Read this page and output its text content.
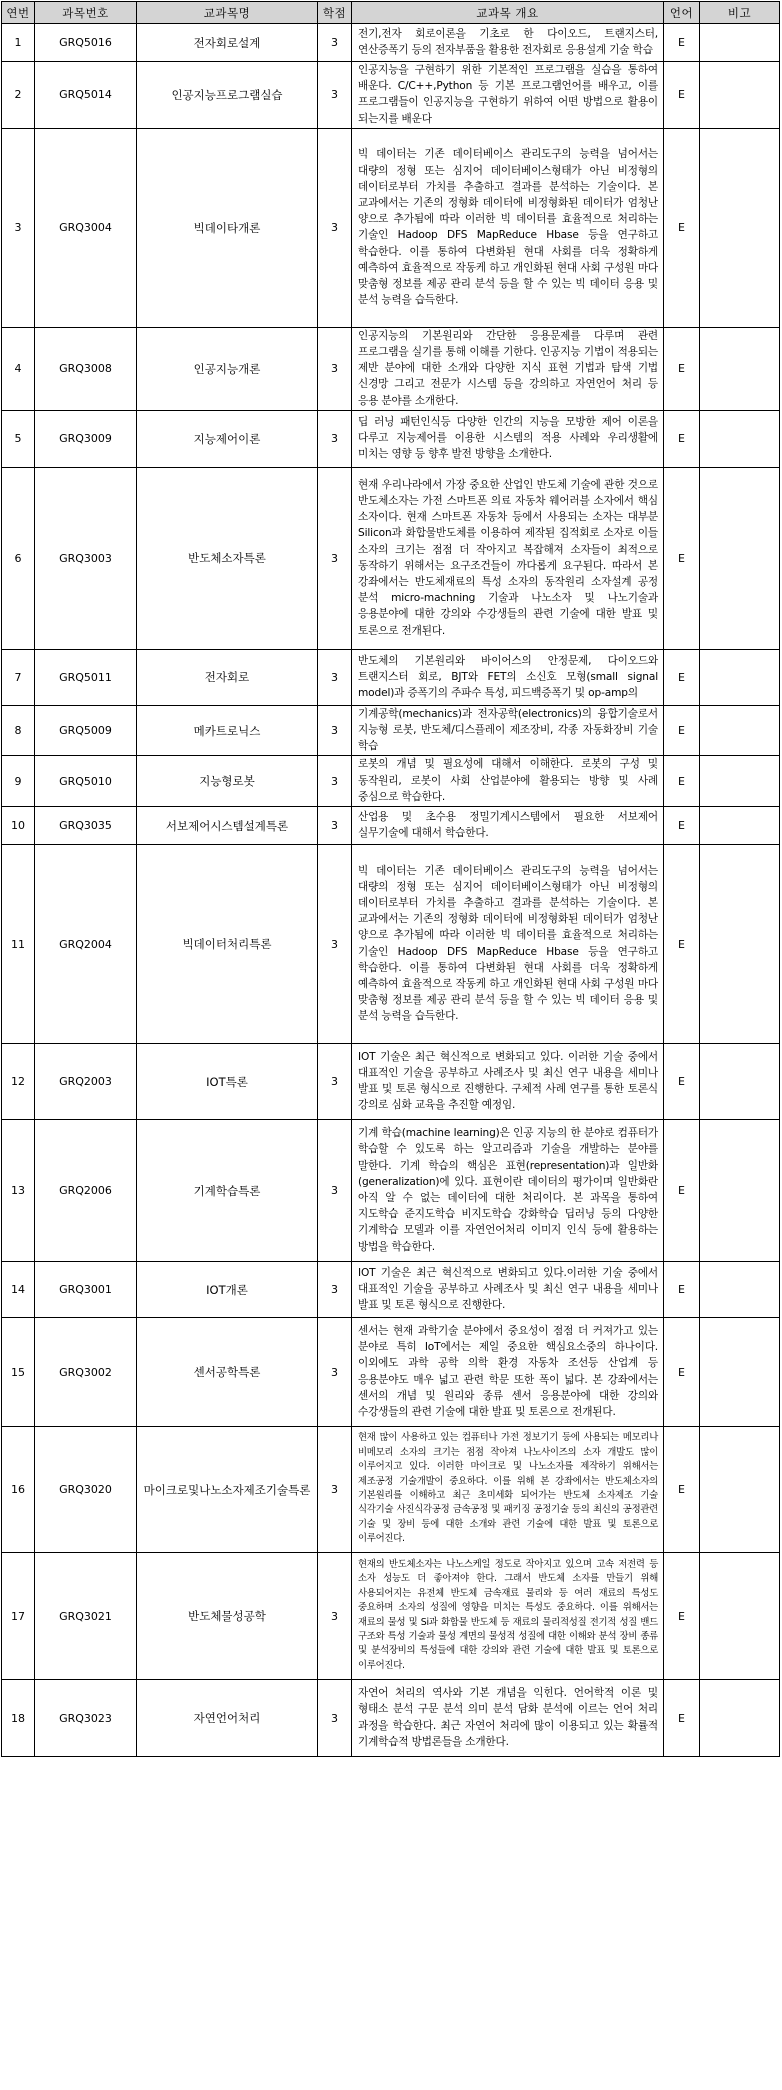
연번	과목번호	교과목명	학점	교과목 개요	언어	비고
1	GRQ5016	전자회로설계	3	전기,전자 회로이론을 기초로 한 다이오드, 트랜지스터, 연산증폭기 등의 전자부품을 활용한 전자회로 응용설계 기술 학습	E	
2	GRQ5014	인공지능프로그램실습	3	인공지능을 구현하기 위한 기본적인 프로그램을 실습을 통하여 배운다. C/C++,Python 등 기본 프로그램언어를 배우고, 이를 프로그램들이 인공지능을 구현하기 위하여 어떤 방법으로 활용이 되는지를 배운다	E	
3	GRQ3004	빅데이타개론	3	빅 데이터는 기존 데이터베이스 관리도구의 능력을 넘어서는 대량의 정형 또는 심지어 데이터베이스형태가 아닌 비정형의 데이터로부터 가치를 추출하고 결과를 분석하는 기술이다. 본 교과에서는 기존의 정형화 데이터에 비정형화된 데이터가 엄청난 양으로 추가됨에 따라 이러한 빅 데이터를 효율적으로 처리하는 기술인 Hadoop DFS MapReduce Hbase 등을 연구하고 학습한다. 이를 통하여 다변화된 현대 사회를 더욱 정확하게 예측하여 효율적으로 작동케 하고 개인화된 현대 사회 구성원 마다 맞춤형 정보를 제공 관리 분석 등을 할 수 있는 빅 데이터 응용 및 분석 능력을 습득한다.	E	
4	GRQ3008	인공지능개론	3	인공지능의 기본원리와 간단한 응용문제를 다루며 관련 프로그램을 실기를 통해 이해를 기한다. 인공지능 기법이 적용되는 제반 분야에 대한 소개와 다양한 지식 표현 기법과 탐색 기법 신경망 그리고 전문가 시스템 등을 강의하고 자연언어 처리 등 응용 분야를 소개한다.	E	
5	GRQ3009	지능제어이론	3	딥 러닝 패턴인식등 다양한 인간의 지능을 모방한 제어 이론을 다루고 지능제어를 이용한 시스템의 적용 사례와 우리생활에 미치는 영향 등 향후 발전 방향을 소개한다.	E	
6	GRQ3003	반도체소자특론	3	현재 우리나라에서 가장 중요한 산업인 반도체 기술에 관한 것으로 반도체소자는 가전 스마트폰 의료 자동차 웨어러블 소자에서 핵심 소자이다. 현재 스마트폰 자동차 등에서 사용되는 소자는 대부분 Silicon과 화합물반도체를 이용하여 제작된 집적회로 소자로 이들 소자의 크기는 점점 더 작아지고 복잡해져 소자들이 최적으로 동작하기 위해서는 요구조건들이 까다롭게 요구된다. 따라서 본 강좌에서는 반도체재료의 특성 소자의 동작원리 소자설계 공정 분석 micro-machning 기술과 나노소자 및 나노기술과 응용분야에 대한 강의와 수강생들의 관련 기술에 대한 발표 및 토론으로 전개된다.	E	
7	GRQ5011	전자회로	3	반도체의 기본원리와 바이어스의 안정문제, 다이오드와 트랜지스터 회로, BJT와 FET의 소신호 모형(small signal model)과 증폭기의 주파수 특성, 피드백증폭기 및 op-amp의	E	
8	GRQ5009	메카트로닉스	3	기계공학(mechanics)과 전자공학(electronics)의 융합기술로서 지능형 로봇, 반도체/디스플레이 제조장비, 각종 자동화장비 기술 학습	E	
9	GRQ5010	지능형로봇	3	로봇의 개념 및 필요성에 대해서 이해한다. 로봇의 구성 및 동작원리, 로봇이 사회 산업분야에 활용되는 방향 및 사례 중심으로 학습한다.	E	
10	GRQ3035	서보제어시스템설계특론	3	산업용 및 초수용 정밀기계시스템에서 필요한 서보제어 실무기술에 대해서 학습한다.	E	
11	GRQ2004	빅데이터처리특론	3	빅 데이터는 기존 데이터베이스 관리도구의 능력을 넘어서는 대량의 정형 또는 심지어 데이터베이스형태가 아닌 비정형의 데이터로부터 가치를 추출하고 결과를 분석하는 기술이다. 본 교과에서는 기존의 정형화 데이터에 비정형화된 데이터가 엄청난 양으로 추가됨에 따라 이러한 빅 데이터를 효율적으로 처리하는 기술인 Hadoop DFS MapReduce Hbase 등을 연구하고 학습한다. 이를 통하여 다변화된 현대 사회를 더욱 정확하게 예측하여 효율적으로 작동케 하고 개인화된 현대 사회 구성원 마다 맞춤형 정보를 제공 관리 분석 등을 할 수 있는 빅 데이터 응용 및 분석 능력을 습득한다.	E	
12	GRQ2003	IOT특론	3	IOT 기술은 최근 혁신적으로 변화되고 있다. 이러한 기술 중에서 대표적인 기술을 공부하고 사례조사 및 최신 연구 내용을 세미나 발표 및 토론 형식으로 진행한다. 구체적 사례 연구를 통한 토론식 강의로 심화 교육을 추진할 예정임.	E	
13	GRQ2006	기계학습특론	3	기계 학습(machine learning)은 인공 지능의 한 분야로 컴퓨터가 학습할 수 있도록 하는 알고리즘과 기술을 개발하는 분야를 말한다. 기계 학습의 핵심은 표현(representation)과 일반화(generalization)에 있다. 표현이란 데이터의 평가이며 일반화란 아직 알 수 없는 데이터에 대한 처리이다. 본 과목을 통하여 지도학습 준지도학습 비지도학습 강화학습 딥러닝 등의 다양한 기계학습 모델과 이를 자연언어처리 이미지 인식 등에 활용하는 방법을 학습한다.	E	
14	GRQ3001	IOT개론	3	IOT 기술은 최근 혁신적으로 변화되고 있다.이러한 기술 중에서 대표적인 기술을 공부하고 사례조사 및 최신 연구 내용을 세미나 발표 및 토론 형식으로 진행한다.	E	
15	GRQ3002	센서공학특론	3	센서는 현재 과학기술 분야에서 중요성이 점점 더 커져가고 있는 분야로 특히 IoT에서는 제일 중요한 핵심요소중의 하나이다. 이외에도 과학 공학 의학 환경 자동차 조선등 산업계 등 응용분야도 매우 넓고 관련 학문 또한 폭이 넓다. 본 강좌에서는 센서의 개념 및 원리와 종류 센서 응용분야에 대한 강의와 수강생들의 관련 기술에 대한 발표 및 토론으로 전개된다.	E	
16	GRQ3020	마이크로및나노소자제조기술특론	3	현재 많이 사용하고 있는 컴퓨터나 가전 정보기기 등에 사용되는 메모리나 비메모리 소자의 크기는 점점 작아져 나노사이즈의 소자 개발도 많이 이루어지고 있다. 이러한 마이크로 및 나노소자를 제작하기 위해서는 제조공정 기술개발이 중요하다. 이를 위해 본 강좌에서는 반도체소자의 기본원리를 이해하고 최근 초미세화 되어가는 반도체 소자제조 기술 식각기술 사진식각공정 금속공정 및 패키징 공정기술 등의 최신의 공정관련 기술 및 장비 등에 대한 소개와 관련 기술에 대한 발표 및 토론으로 이루어진다.	E	
17	GRQ3021	반도체물성공학	3	현재의 반도체소자는 나노스케일 정도로 작아지고 있으며 고속 저전력 등 소자 성능도 더 좋아져야 한다. 그래서 반도체 소자를 만들기 위해 사용되어지는 유전체 반도체 금속재료 물리와 등 여러 재료의 특성도 중요하며 소자의 성질에 영향을 미치는 특성도 중요하다. 이를 위해서는 재료의 물성 및 Si과 화합물 반도체 등 재료의 물리적성질 전기적 성질 밴드 구조와 특성 기술과 물성 계면의 물성적 성질에 대한 이해와 분석 장비 종류 및 분석장비의 특성들에 대한 강의와 관련 기술에 대한 발표 및 토론으로 이루어진다.	E	
18	GRQ3023	자연언어처리	3	자연어 처리의 역사와 기본 개념을 익힌다. 언어학적 이론 및 형태소 분석 구문 분석 의미 분석 담화 분석에 이르는 언어 처리 과정을 학습한다. 최근 자연어 처리에 많이 이용되고 있는 확률적 기계학습적 방법론들을 소개한다.	E	
